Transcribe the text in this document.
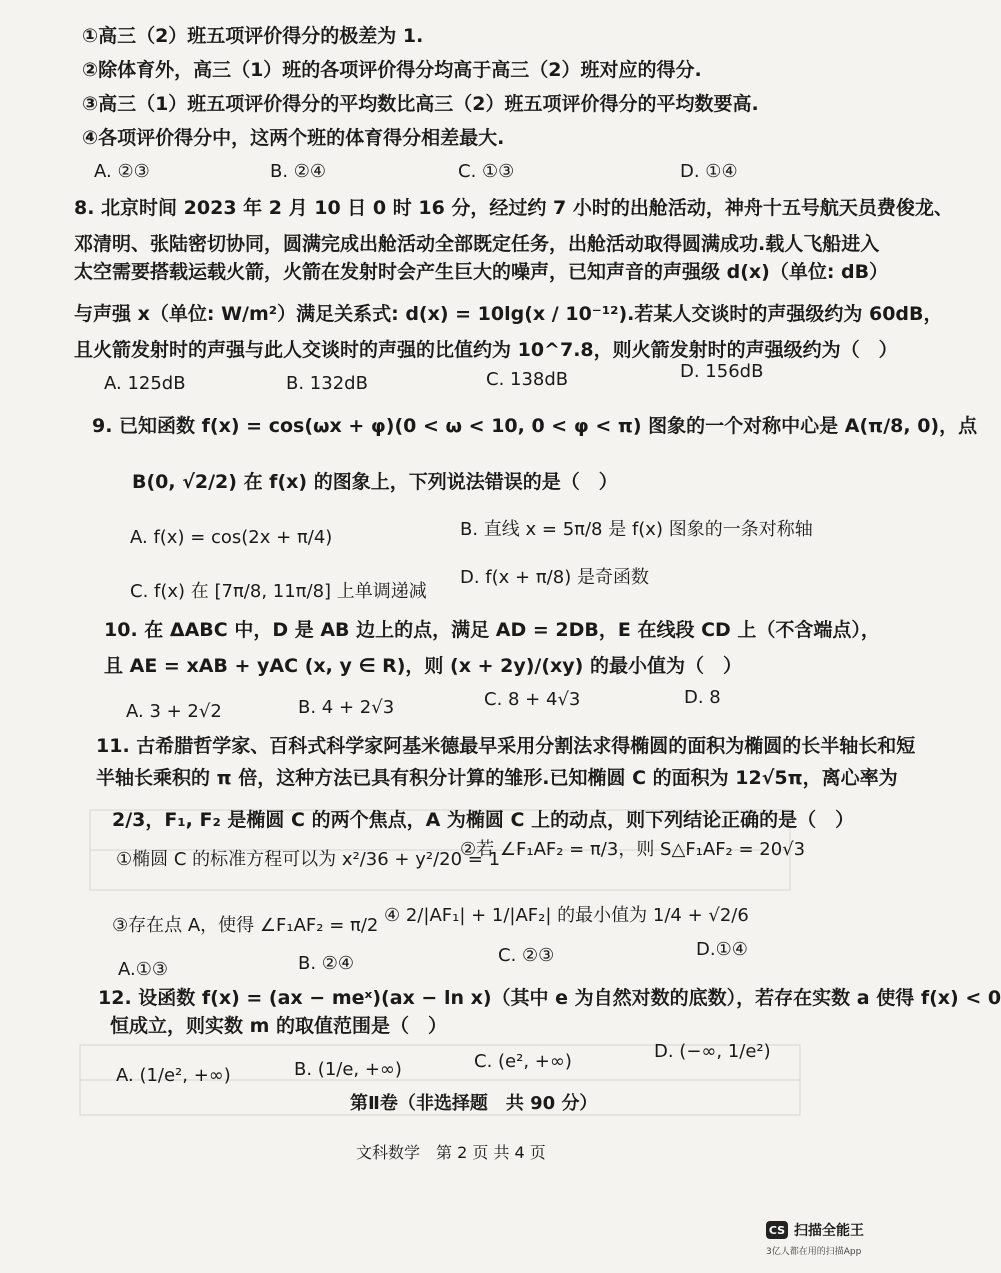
①高三（2）班五项评价得分的极差为 1.
②除体育外，高三（1）班的各项评价得分均高于高三（2）班对应的得分.
③高三（1）班五项评价得分的平均数比高三（2）班五项评价得分的平均数要高.
④各项评价得分中，这两个班的体育得分相差最大.
A. ②③	B. ②④	C. ①③	D. ①④
8. 北京时间 2023 年 2 月 10 日 0 时 16 分，经过约 7 小时的出舱活动，神舟十五号航天员费俊龙、
邓清明、张陆密切协同，圆满完成出舱活动全部既定任务，出舱活动取得圆满成功.载人飞船进入
太空需要搭载运载火箭，火箭在发射时会产生巨大的噪声，已知声音的声强级 d(x)（单位: dB）
与声强 x（单位: W/m²）满足关系式: d(x) = 10lg(x / 10⁻¹²).若某人交谈时的声强级约为 60dB，
且火箭发射时的声强与此人交谈时的声强的比值约为 10^7.8，则火箭发射时的声强级约为（　）
A. 125dB	B. 132dB	C. 138dB	D. 156dB
9. 已知函数 f(x) = cos(ωx + φ)(0 < ω < 10, 0 < φ < π) 图象的一个对称中心是 A(π/8, 0)，点
B(0, √2/2) 在 f(x) 的图象上，下列说法错误的是（　）
A. f(x) = cos(2x + π/4)	B. 直线 x = 5π/8 是 f(x) 图象的一条对称轴
C. f(x) 在 [7π/8, 11π/8] 上单调递减
D. f(x + π/8) 是奇函数
10. 在 ΔABC 中，D 是 AB 边上的点，满足 AD = 2DB，E 在线段 CD 上（不含端点），
且 AE = xAB + yAC (x, y ∈ R)，则 (x + 2y)/(xy) 的最小值为（　）
A. 3 + 2√2	B. 4 + 2√3	C. 8 + 4√3	D. 8
11. 古希腊哲学家、百科式科学家阿基米德最早采用分割法求得椭圆的面积为椭圆的长半轴长和短
半轴长乘积的 π 倍，这种方法已具有积分计算的雏形.已知椭圆 C 的面积为 12√5π，离心率为
2/3，F₁, F₂ 是椭圆 C 的两个焦点，A 为椭圆 C 上的动点，则下列结论正确的是（　）
①椭圆 C 的标准方程可以为 x²/36 + y²/20 = 1
②若 ∠F₁AF₂ = π/3，则 S△F₁AF₂ = 20√3
③存在点 A，使得 ∠F₁AF₂ = π/2 ④ 2/|AF₁| + 1/|AF₂| 的最小值为 1/4 + √2/6
A.①③	B. ②④	C. ②③	D.①④
12. 设函数 f(x) = (ax − meˣ)(ax − ln x)（其中 e 为自然对数的底数），若存在实数 a 使得 f(x) < 0
恒成立，则实数 m 的取值范围是（　）
A. (1/e², +∞)	B. (1/e, +∞)	C. (e², +∞)	D. (−∞, 1/e²)
第Ⅱ卷（非选择题　共 90 分）
文科数学　第 2 页 共 4 页
CS 扫描全能王
3亿人都在用的扫描App
